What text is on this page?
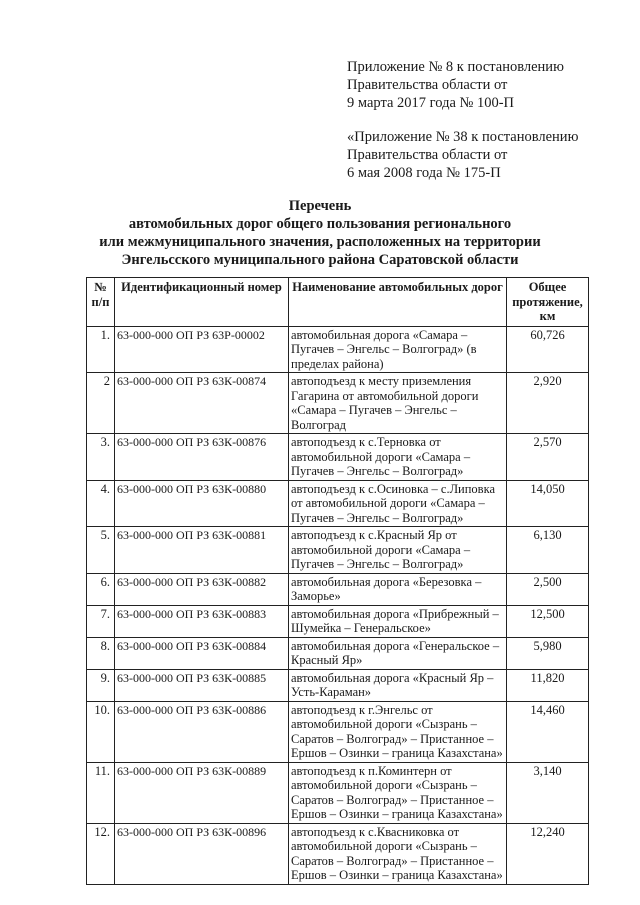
Приложение № 8 к постановлению
Правительства области от
9 марта 2017 года № 100-П
«Приложение № 38 к постановлению
Правительства области от
6 мая 2008 года № 175-П
Перечень
автомобильных дорог общего пользования регионального
или межмуниципального значения, расположенных на территории
Энгельсского муниципального района Саратовской области
№ п/п	Идентификационный номер	Наименование автомобильных дорог	Общее протяжение, км
1.	63-000-000 ОП РЗ 63Р-00002	автомобильная дорога «Самара – Пугачев – Энгельс – Волгоград» (в пределах района)	60,726
2	63-000-000 ОП РЗ 63К-00874	автоподъезд к месту приземления Гагарина от автомобильной дороги «Самара – Пугачев – Энгельс –Волгоград	2,920
3.	63-000-000 ОП РЗ 63К-00876	автоподъезд к с.Терновка от автомобильной дороги «Самара – Пугачев – Энгельс – Волгоград»	2,570
4.	63-000-000 ОП РЗ 63К-00880	автоподъезд к с.Осиновка – с.Липовка от автомобильной дороги «Самара – Пугачев – Энгельс – Волгоград»	14,050
5.	63-000-000 ОП РЗ 63К-00881	автоподъезд к с.Красный Яр от автомобильной дороги «Самара – Пугачев – Энгельс – Волгоград»	6,130
6.	63-000-000 ОП РЗ 63К-00882	автомобильная дорога «Березовка – Заморье»	2,500
7.	63-000-000 ОП РЗ 63К-00883	автомобильная дорога «Прибрежный – Шумейка – Генеральское»	12,500
8.	63-000-000 ОП РЗ 63К-00884	автомобильная дорога «Генеральское – Красный Яр»	5,980
9.	63-000-000 ОП РЗ 63К-00885	автомобильная дорога «Красный Яр – Усть-Караман»	11,820
10.	63-000-000 ОП РЗ 63К-00886	автоподъезд к г.Энгельс от автомобильной дороги «Сызрань – Саратов – Волгоград» – Пристанное – Ершов – Озинки – граница Казахстана»	14,460
11.	63-000-000 ОП РЗ 63К-00889	автоподъезд к п.Коминтерн от автомобильной дороги «Сызрань – Саратов – Волгоград» – Пристанное – Ершов – Озинки – граница Казахстана»	3,140
12.	63-000-000 ОП РЗ 63К-00896	автоподъезд к с.Квасниковка от автомобильной дороги «Сызрань – Саратов – Волгоград» – Пристанное – Ершов – Озинки – граница Казахстана»	12,240
